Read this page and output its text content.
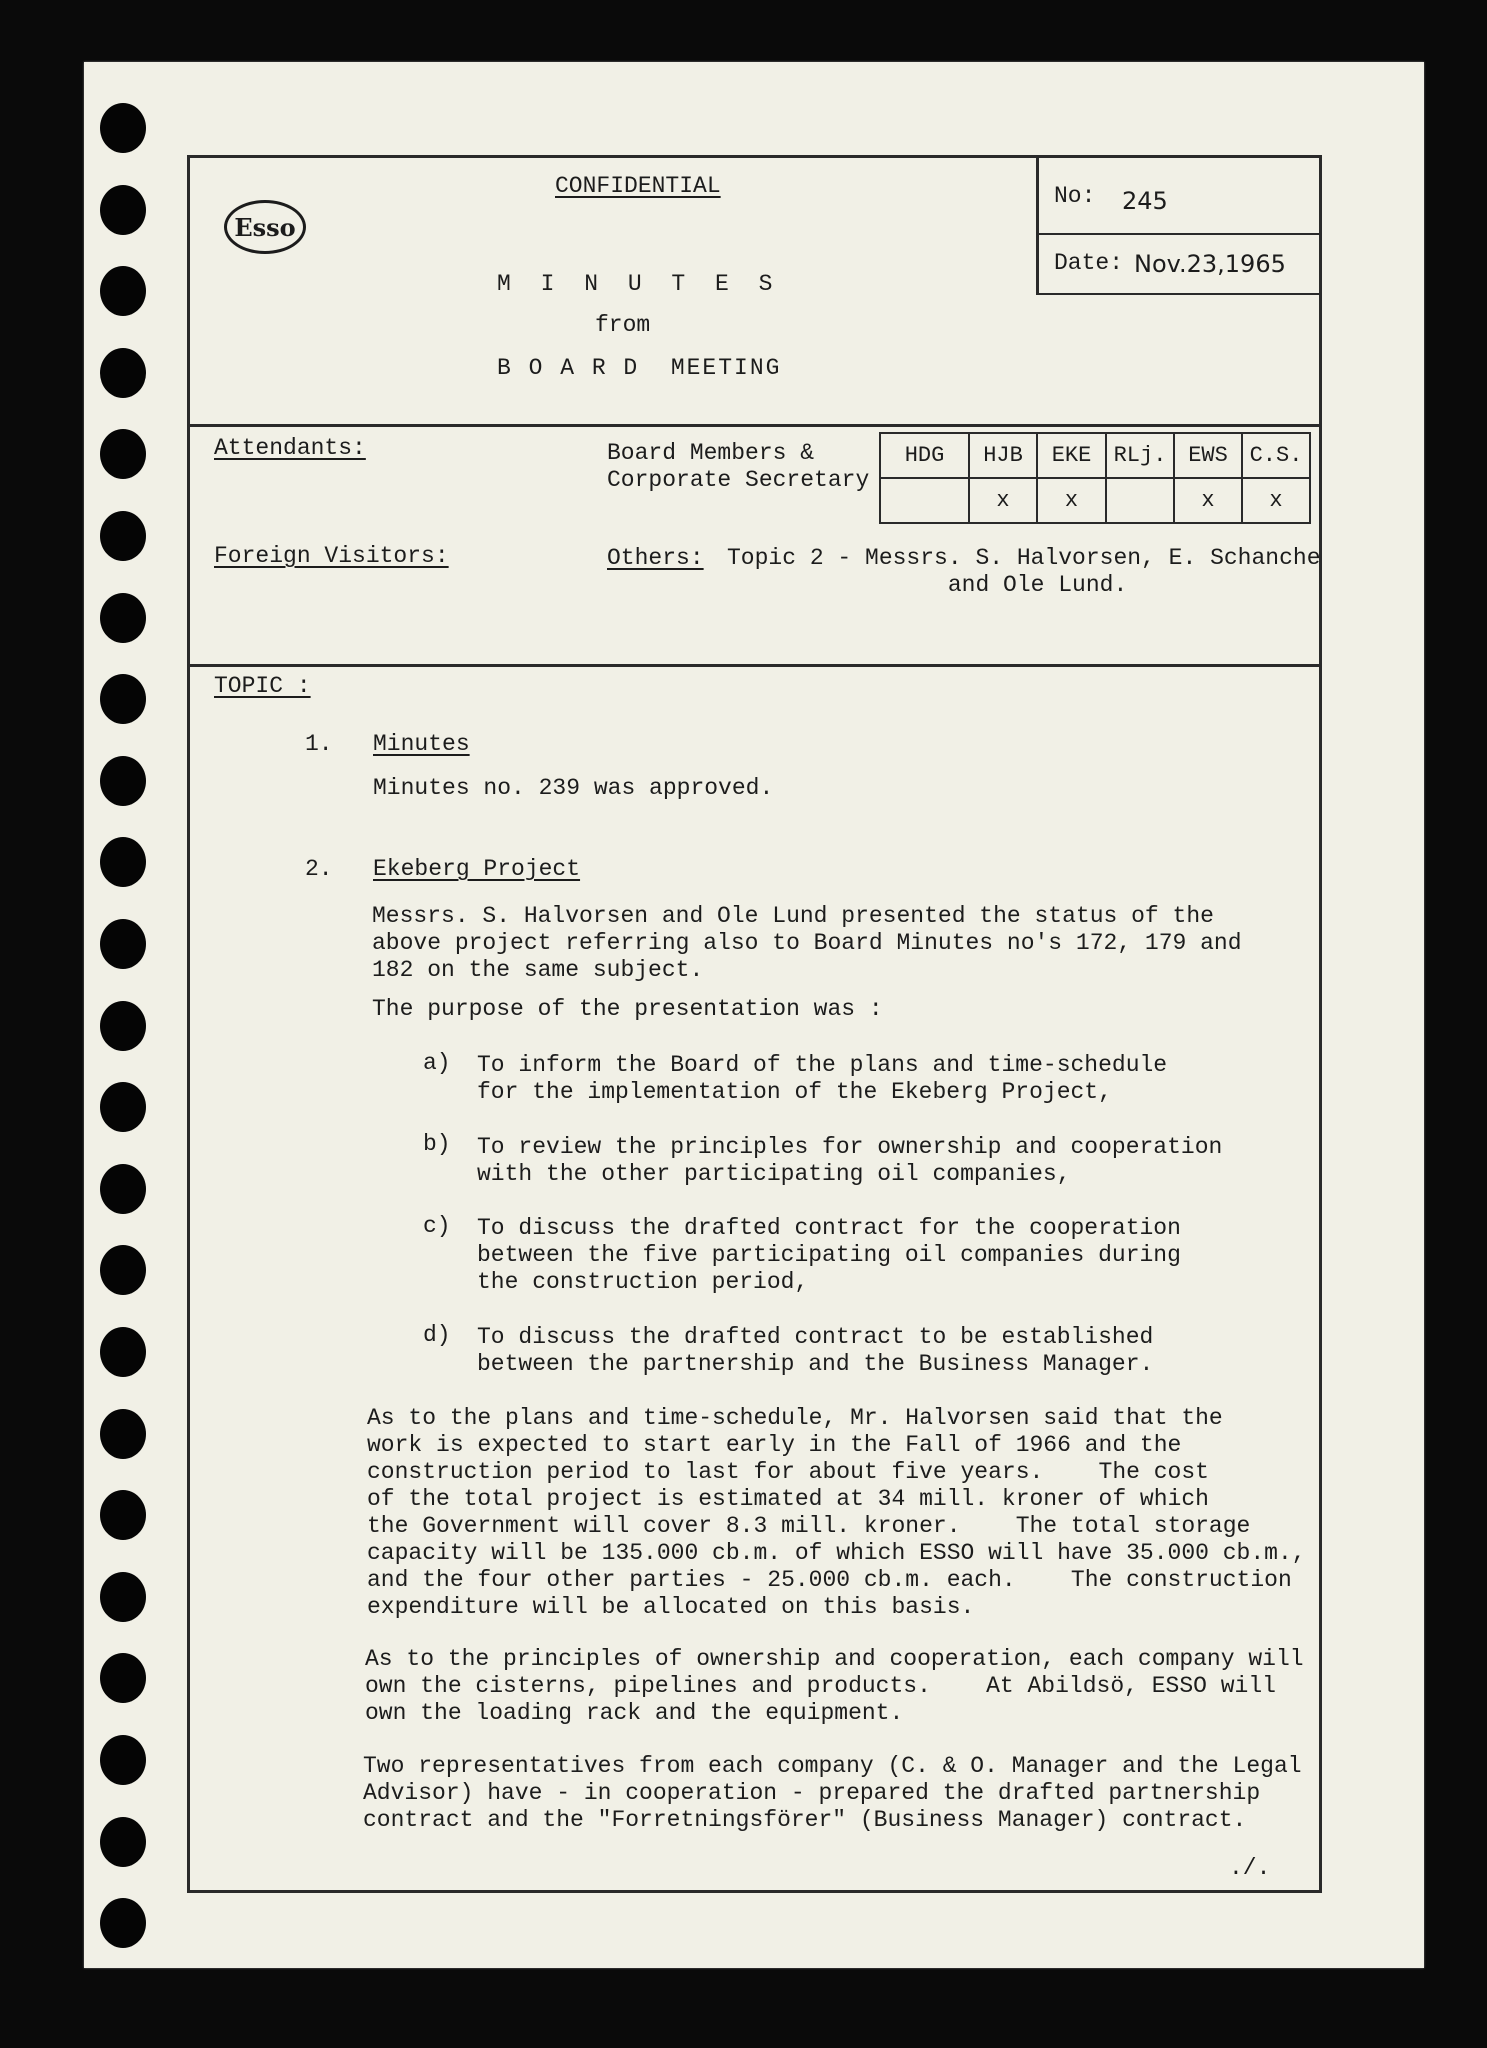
CONFIDENTIAL
Esso
M I N U T E S
from
B O A R D  MEETING
No: 245
Date: Nov.23,1965
Attendants:	Board Members &
Corporate Secretary
HDG	HJB	EKE	RLj.	EWS	C.S.
	x	x		x	x
Foreign Visitors:	Others: Topic 2 - Messrs. S. Halvorsen, E. Schanche
and Ole Lund.
TOPIC :
1. Minutes
Minutes no. 239 was approved.
2. Ekeberg Project
Messrs. S. Halvorsen and Ole Lund presented the status of the
above project referring also to Board Minutes no's 172, 179 and
182 on the same subject.
The purpose of the presentation was :
a) To inform the Board of the plans and time-schedule
for the implementation of the Ekeberg Project,
b) To review the principles for ownership and cooperation
with the other participating oil companies,
c) To discuss the drafted contract for the cooperation
between the five participating oil companies during
the construction period,
d) To discuss the drafted contract to be established
between the partnership and the Business Manager.
As to the plans and time-schedule, Mr. Halvorsen said that the
work is expected to start early in the Fall of 1966 and the
construction period to last for about five years.    The cost
of the total project is estimated at 34 mill. kroner of which
the Government will cover 8.3 mill. kroner.    The total storage
capacity will be 135.000 cb.m. of which ESSO will have 35.000 cb.m.,
and the four other parties - 25.000 cb.m. each.    The construction
expenditure will be allocated on this basis.
As to the principles of ownership and cooperation, each company will
own the cisterns, pipelines and products.    At Abildsö, ESSO will
own the loading rack and the equipment.
Two representatives from each company (C. & O. Manager and the Legal
Advisor) have - in cooperation - prepared the drafted partnership
contract and the "Forretningsförer" (Business Manager) contract.
./.
